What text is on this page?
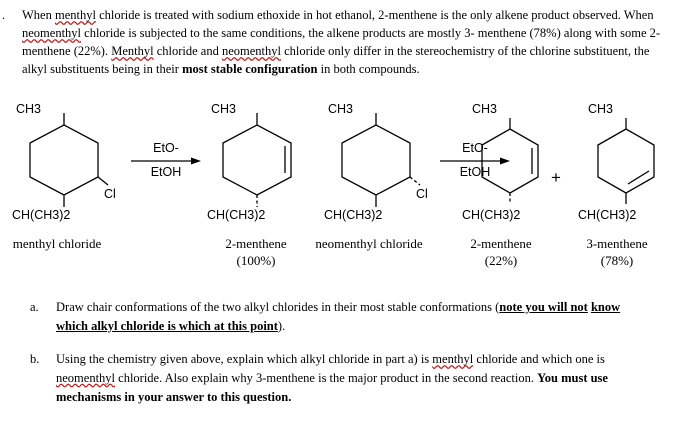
. When menthyl chloride is treated with sodium ethoxide in hot ethanol, 2-menthene is the only alkene product observed. When neomenthyl chloride is subjected to the same conditions, the alkene products are mostly 3- menthene (78%) along with some 2-menthene (22%). Menthyl chloride and neomenthyl chloride only differ in the stereochemistry of the chlorine substituent, the alkyl substituents being in their most stable configuration in both compounds.
CH3
Cl
CH(CH3)2
menthyl chloride
EtO-
EtOH
CH3
CH(CH3)2
2-menthene
(100%)
CH3
Cl
CH(CH3)2
neomenthyl chloride
EtO-
EtOH
CH3
CH(CH3)2
2-menthene
(22%)
+
CH3
CH(CH3)2
3-menthene
(78%)
a. Draw chair conformations of the two alkyl chlorides in their most stable conformations (note you will not know which alkyl chloride is which at this point).
b. Using the chemistry given above, explain which alkyl chloride in part a) is menthyl chloride and which one is neomenthyl chloride. Also explain why 3-menthene is the major product in the second reaction. You must use mechanisms in your answer to this question.
